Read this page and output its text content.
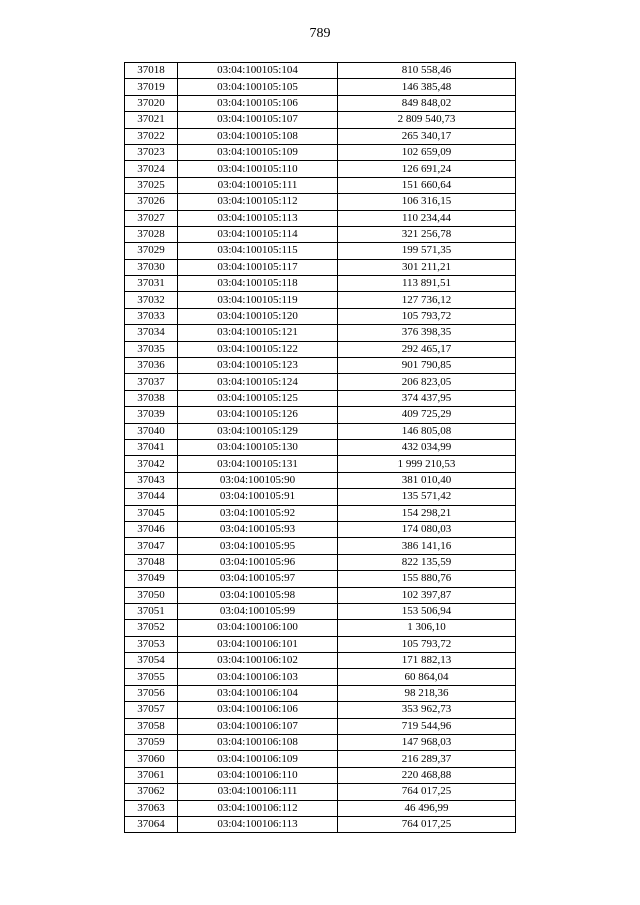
789
37018	03:04:100105:104	810 558,46
37019	03:04:100105:105	146 385,48
37020	03:04:100105:106	849 848,02
37021	03:04:100105:107	2 809 540,73
37022	03:04:100105:108	265 340,17
37023	03:04:100105:109	102 659,09
37024	03:04:100105:110	126 691,24
37025	03:04:100105:111	151 660,64
37026	03:04:100105:112	106 316,15
37027	03:04:100105:113	110 234,44
37028	03:04:100105:114	321 256,78
37029	03:04:100105:115	199 571,35
37030	03:04:100105:117	301 211,21
37031	03:04:100105:118	113 891,51
37032	03:04:100105:119	127 736,12
37033	03:04:100105:120	105 793,72
37034	03:04:100105:121	376 398,35
37035	03:04:100105:122	292 465,17
37036	03:04:100105:123	901 790,85
37037	03:04:100105:124	206 823,05
37038	03:04:100105:125	374 437,95
37039	03:04:100105:126	409 725,29
37040	03:04:100105:129	146 805,08
37041	03:04:100105:130	432 034,99
37042	03:04:100105:131	1 999 210,53
37043	03:04:100105:90	381 010,40
37044	03:04:100105:91	135 571,42
37045	03:04:100105:92	154 298,21
37046	03:04:100105:93	174 080,03
37047	03:04:100105:95	386 141,16
37048	03:04:100105:96	822 135,59
37049	03:04:100105:97	155 880,76
37050	03:04:100105:98	102 397,87
37051	03:04:100105:99	153 506,94
37052	03:04:100106:100	1 306,10
37053	03:04:100106:101	105 793,72
37054	03:04:100106:102	171 882,13
37055	03:04:100106:103	60 864,04
37056	03:04:100106:104	98 218,36
37057	03:04:100106:106	353 962,73
37058	03:04:100106:107	719 544,96
37059	03:04:100106:108	147 968,03
37060	03:04:100106:109	216 289,37
37061	03:04:100106:110	220 468,88
37062	03:04:100106:111	764 017,25
37063	03:04:100106:112	46 496,99
37064	03:04:100106:113	764 017,25
